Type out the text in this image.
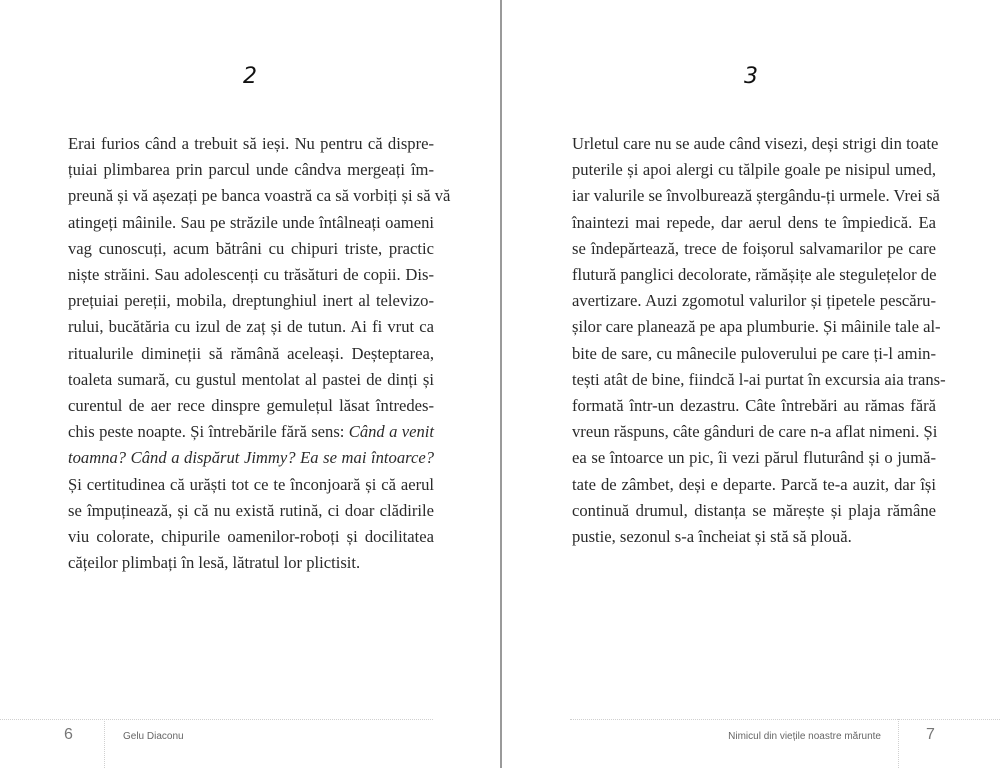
2
Erai furios când a trebuit să ieși. Nu pentru că dispre-
țuiai plimbarea prin parcul unde cândva mergeați îm-
preună și vă așezați pe banca voastră ca să vorbiți și să vă
atingeți mâinile. Sau pe străzile unde întâlneați oameni
vag cunoscuți, acum bătrâni cu chipuri triste, practic
niște străini. Sau adolescenți cu trăsături de copii. Dis-
prețuiai pereții, mobila, dreptunghiul inert al televizo-
rului, bucătăria cu izul de zaț și de tutun. Ai fi vrut ca
ritualurile dimineții să rămână aceleași. Deșteptarea,
toaleta sumară, cu gustul mentolat al pastei de dinți și
curentul de aer rece dinspre gemulețul lăsat întredes-
chis peste noapte. Și întrebările fără sens: Când a venit
toamna? Când a dispărut Jimmy? Ea se mai întoarce?
Și certitudinea că urăști tot ce te înconjoară și că aerul
se împuținează, și că nu există rutină, ci doar clădirile
viu colorate, chipurile oamenilor-roboți și docilitatea
cățeilor plimbați în lesă, lătratul lor plictisit.
6	Gelu Diaconu
3
Urletul care nu se aude când visezi, deși strigi din toate
puterile și apoi alergi cu tălpile goale pe nisipul umed,
iar valurile se învolburează ștergându-ți urmele. Vrei să
înaintezi mai repede, dar aerul dens te împiedică. Ea
se îndepărtează, trece de foișorul salvamarilor pe care
flutură panglici decolorate, rămășițe ale stegulețelor de
avertizare. Auzi zgomotul valurilor și țipetele pescăru-
șilor care planează pe apa plumburie. Și mâinile tale al-
bite de sare, cu mânecile puloverului pe care ți-l amin-
tești atât de bine, fiindcă l-ai purtat în excursia aia trans-
formată într-un dezastru. Câte întrebări au rămas fără
vreun răspuns, câte gânduri de care n-a aflat nimeni. Și
ea se întoarce un pic, îi vezi părul fluturând și o jumă-
tate de zâmbet, deși e departe. Parcă te-a auzit, dar își
continuă drumul, distanța se mărește și plaja rămâne
pustie, sezonul s-a încheiat și stă să plouă.
7
Nimicul din viețile noastre mărunte
